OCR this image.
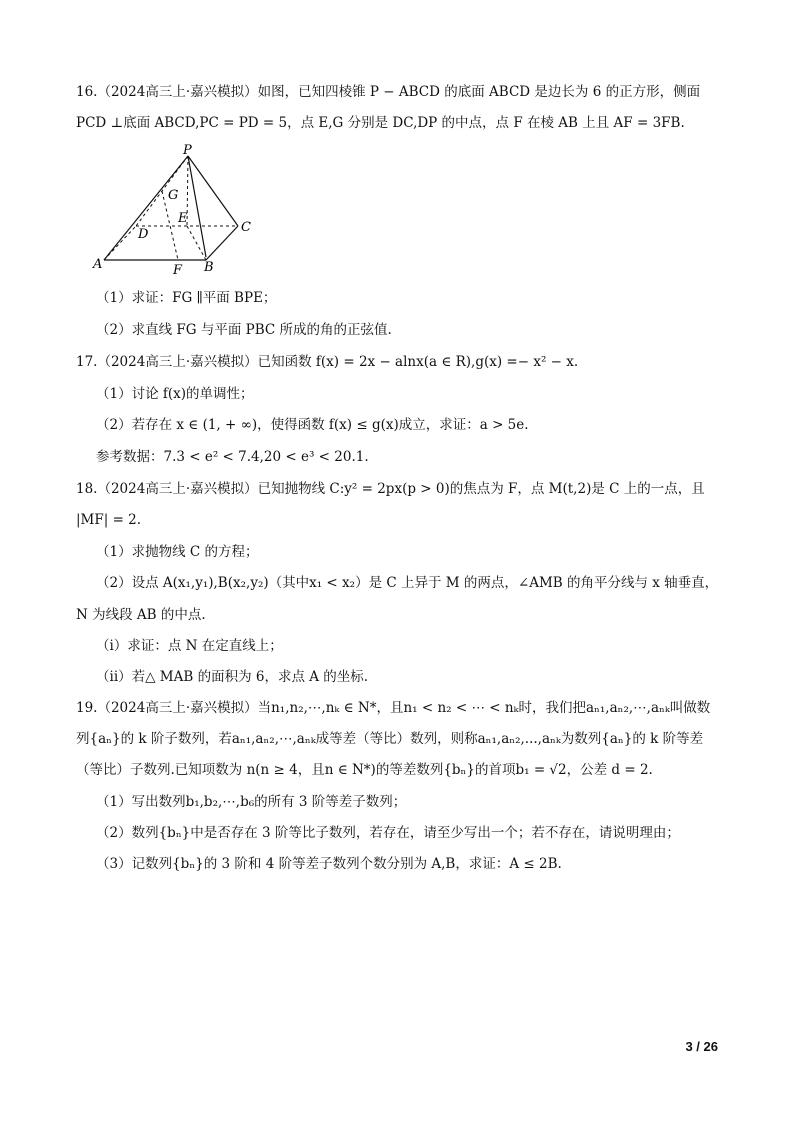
16.（2024高三上·嘉兴模拟）如图，已知四棱锥 P − ABCD 的底面 ABCD 是边长为 6 的正方形，侧面
PCD ⊥底面 ABCD,PC = PD = 5，点 E,G 分别是 DC,DP 的中点，点 F 在棱 AB 上且 AF = 3FB.
P
G
E
D	C
A	F B
（1）求证：FG ∥平面 BPE；
（2）求直线 FG 与平面 PBC 所成的角的正弦值.
17.（2024高三上·嘉兴模拟）已知函数 f(x) = 2x − alnx(a ∈ R),g(x) =− x² − x.
（1）讨论 f(x)的单调性；
（2）若存在 x ∈ (1, + ∞)，使得函数 f(x) ≤ g(x)成立，求证：a > 5e.
参考数据：7.3 < e² < 7.4,20 < e³ < 20.1.
18.（2024高三上·嘉兴模拟）已知抛物线 C:y² = 2px(p > 0)的焦点为 F，点 M(t,2)是 C 上的一点，且
|MF| = 2.
（1）求抛物线 C 的方程；
（2）设点 A(x₁,y₁),B(x₂,y₂)（其中x₁ < x₂）是 C 上异于 M 的两点，∠AMB 的角平分线与 x 轴垂直，
N 为线段 AB 的中点.
（i）求证：点 N 在定直线上；
（ii）若△ MAB 的面积为 6，求点 A 的坐标.
19.（2024高三上·嘉兴模拟）当n₁,n₂,⋯,nₖ ∈ N*，且n₁ < n₂ < ⋯ < nₖ时，我们把aₙ₁,aₙ₂,⋯,aₙₖ叫做数
列{aₙ}的 k 阶子数列，若aₙ₁,aₙ₂,⋯,aₙₖ成等差（等比）数列，则称aₙ₁,aₙ₂,...,aₙₖ为数列{aₙ}的 k 阶等差
（等比）子数列.已知项数为 n(n ≥ 4，且n ∈ N*)的等差数列{bₙ}的首项b₁ = √2，公差 d = 2.
（1）写出数列b₁,b₂,⋯,b₆的所有 3 阶等差子数列；
（2）数列{bₙ}中是否存在 3 阶等比子数列，若存在，请至少写出一个；若不存在，请说明理由；
（3）记数列{bₙ}的 3 阶和 4 阶等差子数列个数分别为 A,B，求证：A ≤ 2B.
3 / 26
